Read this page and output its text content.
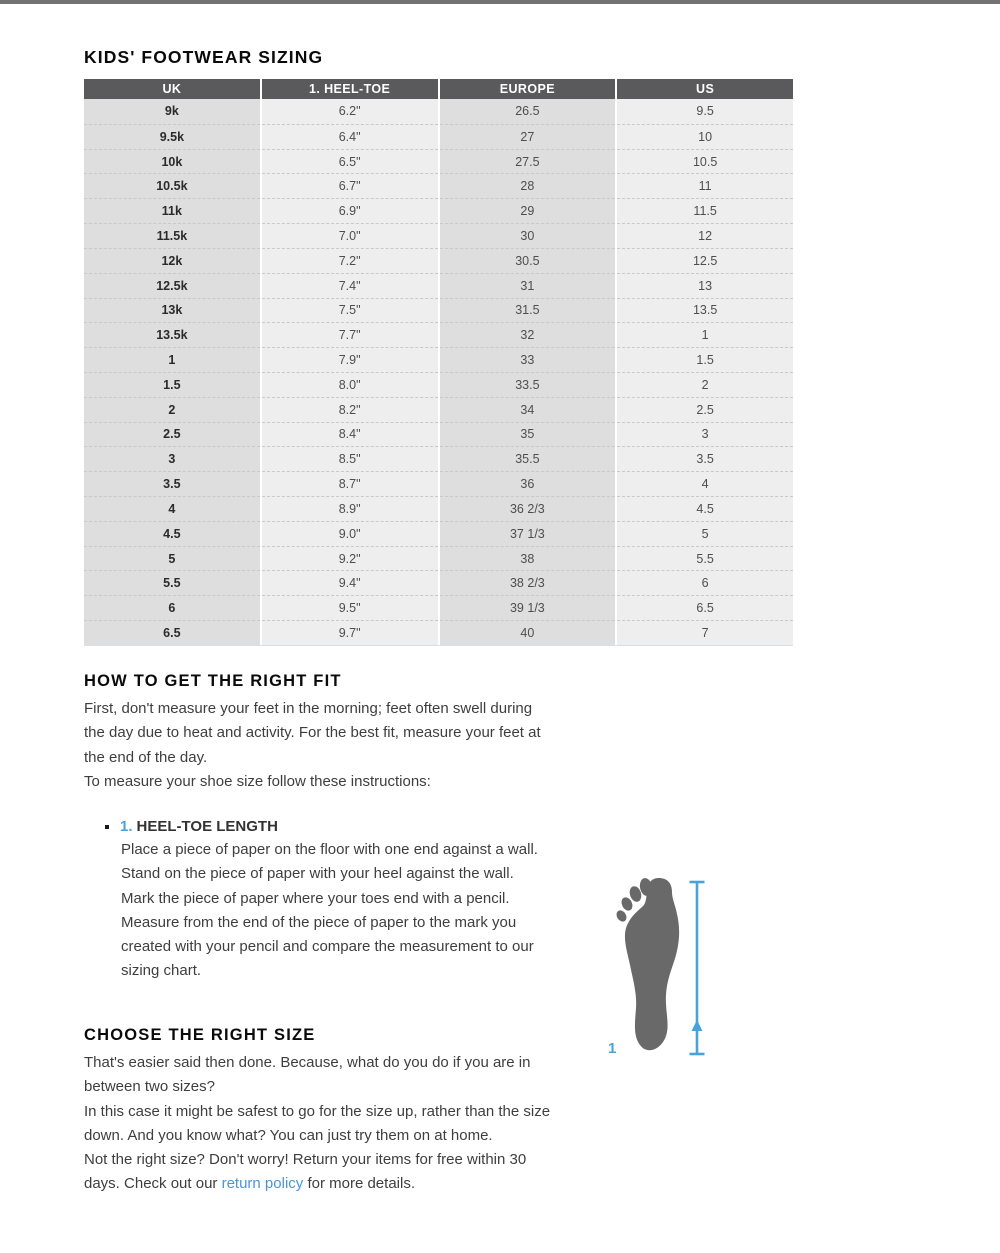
KIDS' FOOTWEAR SIZING
UK	1. HEEL-TOE	EUROPE	US
9k	6.2"	26.5	9.5
9.5k	6.4"	27	10
10k	6.5"	27.5	10.5
10.5k	6.7"	28	11
11k	6.9"	29	11.5
11.5k	7.0"	30	12
12k	7.2"	30.5	12.5
12.5k	7.4"	31	13
13k	7.5"	31.5	13.5
13.5k	7.7"	32	1
1	7.9"	33	1.5
1.5	8.0"	33.5	2
2	8.2"	34	2.5
2.5	8.4"	35	3
3	8.5"	35.5	3.5
3.5	8.7"	36	4
4	8.9"	36 2/3	4.5
4.5	9.0"	37 1/3	5
5	9.2"	38	5.5
5.5	9.4"	38 2/3	6
6	9.5"	39 1/3	6.5
6.5	9.7"	40	7
HOW TO GET THE RIGHT FIT
First, don't measure your feet in the morning; feet often swell during
the day due to heat and activity. For the best fit, measure your feet at
the end of the day.
To measure your shoe size follow these instructions:
1. HEEL-TOE LENGTH
Place a piece of paper on the floor with one end against a wall.
Stand on the piece of paper with your heel against the wall.
Mark the piece of paper where your toes end with a pencil.
Measure from the end of the piece of paper to the mark you
created with your pencil and compare the measurement to our
sizing chart.
1
CHOOSE THE RIGHT SIZE
That's easier said then done. Because, what do you do if you are in
between two sizes?
In this case it might be safest to go for the size up, rather than the size
down. And you know what? You can just try them on at home.
Not the right size? Don't worry! Return your items for free within 30
days. Check out our return policy for more details.
